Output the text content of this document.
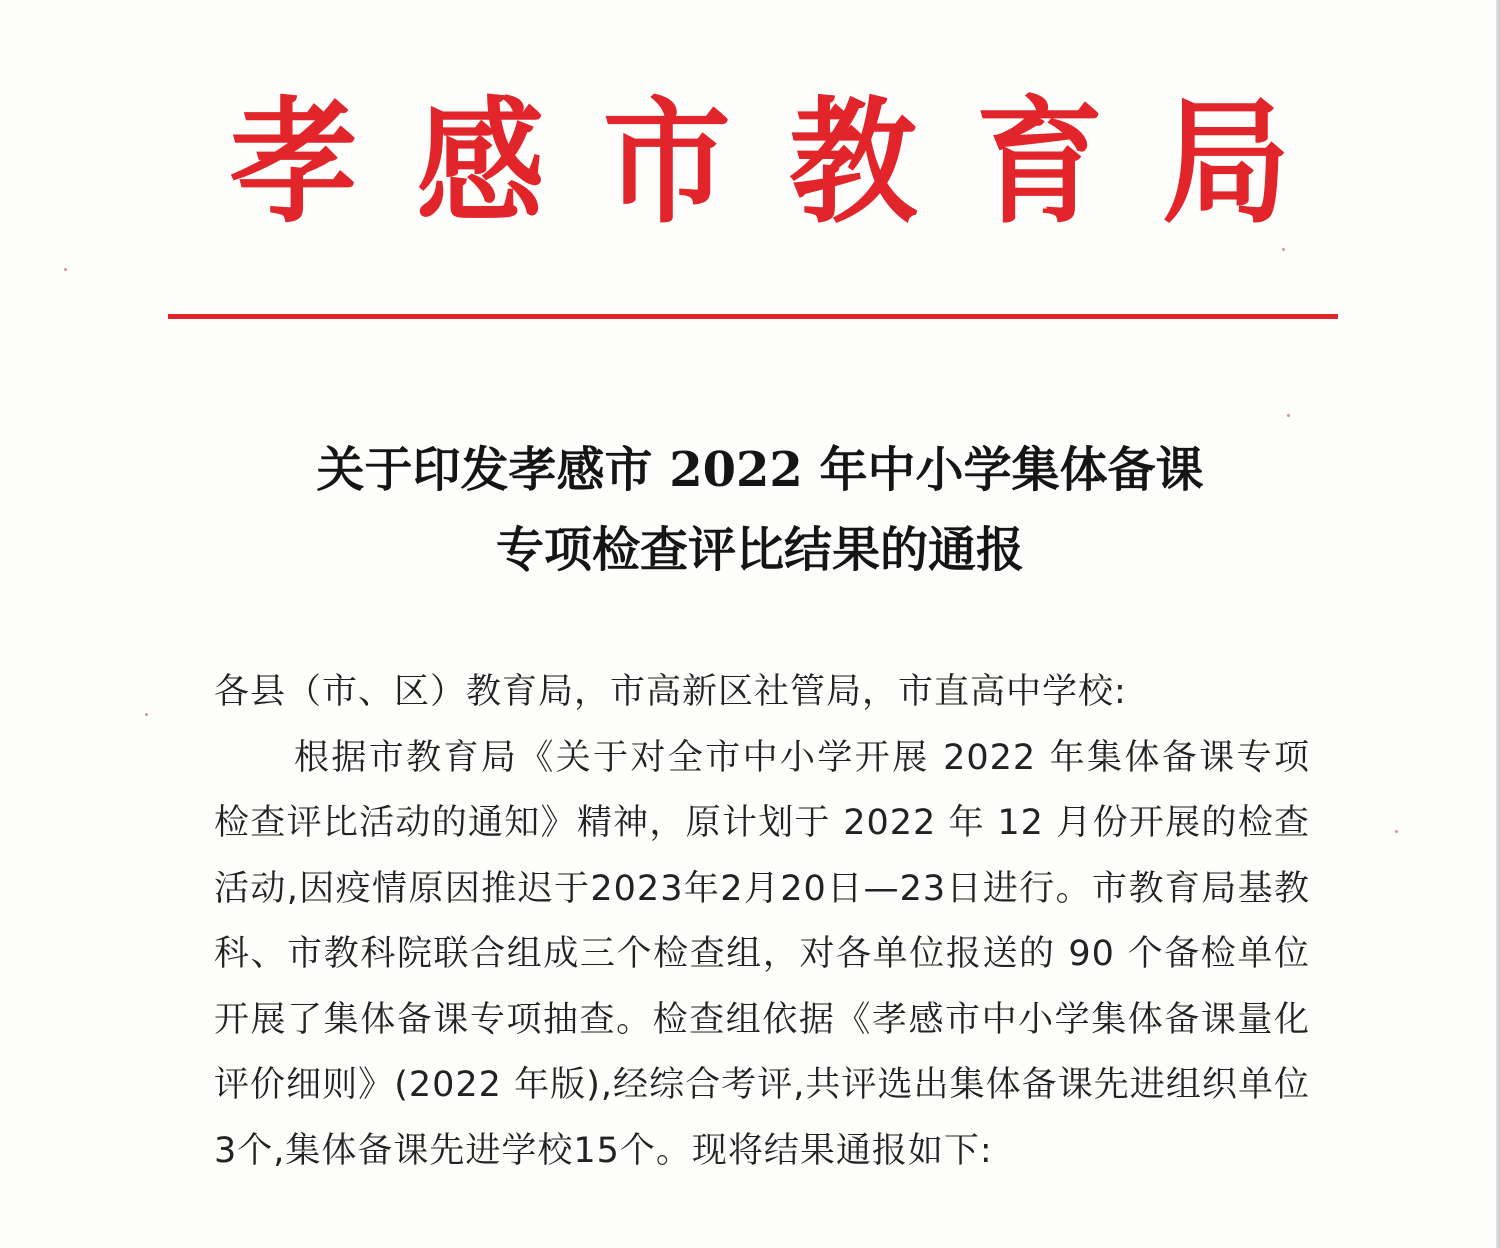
孝 感 市 教 育 局
关于印发孝感市 2022 年中小学集体备课
专项检查评比结果的通报

各县（市、区）教育局，市高新区社管局，市直高中学校:

根据市教育局《关于对全市中小学开展 2022 年集体备课专项检查评比活动的通知》精神，原计划于 2022 年 12 月份开展的检查活动,因疫情原因推迟于2023年2月20日—23日进行。市教育局基教科、市教科院联合组成三个检查组，对各单位报送的 90 个备检单位开展了集体备课专项抽查。检查组依据《孝感市中小学集体备课量化评价细则》(2022 年版),经综合考评,共评选出集体备课先进组织单位3个,集体备课先进学校15个。现将结果通报如下:
